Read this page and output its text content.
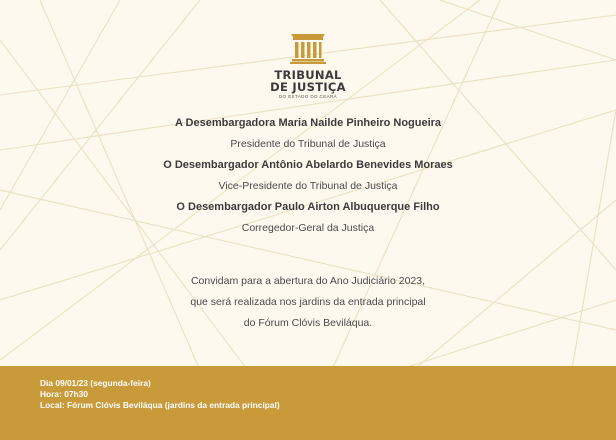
TRIBUNAL
DE JUSTIÇA
DO ESTADO DO CEARÁ
A Desembargadora Maria Nailde Pinheiro Nogueira
Presidente do Tribunal de Justiça
O Desembargador Antônio Abelardo Benevides Moraes
Vice-Presidente do Tribunal de Justiça
O Desembargador Paulo Airton Albuquerque Filho
Corregedor-Geral da Justiça
Convidam para a abertura do Ano Judiciário 2023,
que será realizada nos jardins da entrada principal
do Fórum Clóvis Beviláqua.
Dia 09/01/23 (segunda-feira)
Hora: 07h30
Local: Fórum Clóvis Beviláqua (jardins da entrada principal)
